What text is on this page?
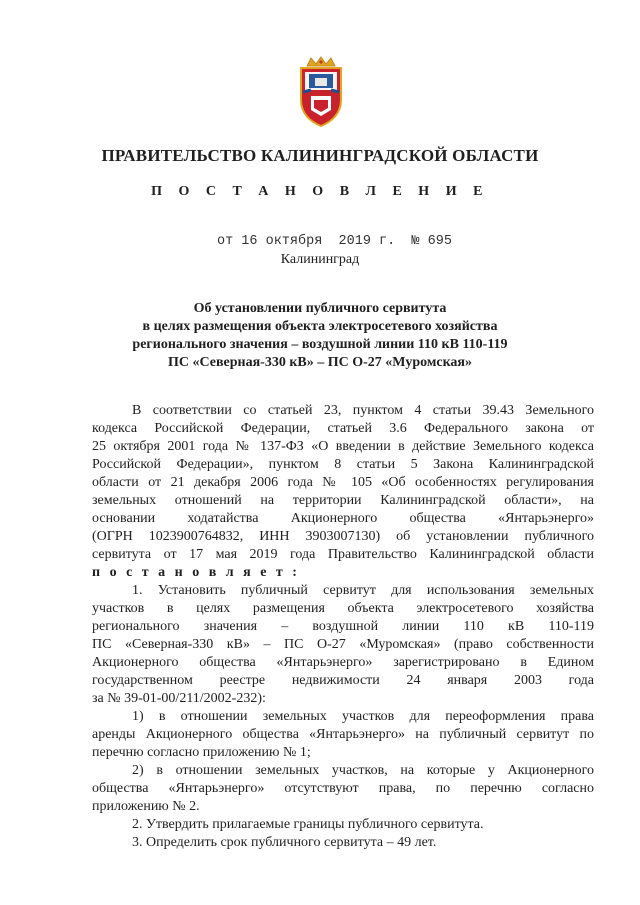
ПРАВИТЕЛЬСТВО КАЛИНИНГРАДСКОЙ ОБЛАСТИ
П О С Т А Н О В Л Е Н И Е
от 16 октября  2019 г.  № 695
Калининград
Об установлении публичного сервитута
в целях размещения объекта электросетевого хозяйства
регионального значения – воздушной линии 110 кВ 110-119
ПС «Северная-330 кВ» – ПС О-27 «Муромская»

В соответствии со статьей 23, пунктом 4 статьи 39.43 Земельного
кодекса Российской Федерации, статьей 3.6 Федерального закона от
25 октября 2001 года № 137-ФЗ «О введении в действие Земельного кодекса
Российской Федерации», пунктом 8 статьи 5 Закона Калининградской
области от 21 декабря 2006 года № 105 «Об особенностях регулирования
земельных отношений на территории Калининградской области», на
основании ходатайства Акционерного общества «Янтарьэнерго»
(ОГРН 1023900764832, ИНН 3903007130) об установлении публичного
сервитута от 17 мая 2019 года Правительство Калининградской области
п о с т а н о в л я е т :

1. Установить публичный сервитут для использования земельных
участков в целях размещения объекта электросетевого хозяйства
регионального значения – воздушной линии 110 кВ 110-119
ПС «Северная-330 кВ» – ПС О-27 «Муромская» (право собственности
Акционерного общества «Янтарьэнерго» зарегистрировано в Едином
государственном реестре недвижимости 24 января 2003 года
за № 39-01-00/211/2002-232):

1) в отношении земельных участков для переоформления права
аренды Акционерного общества «Янтарьэнерго» на публичный сервитут по
перечню согласно приложению № 1;

2) в отношении земельных участков, на которые у Акционерного
общества «Янтарьэнерго» отсутствуют права, по перечню согласно
приложению № 2.

2. Утвердить прилагаемые границы публичного сервитута.

3. Определить срок публичного сервитута – 49 лет.
